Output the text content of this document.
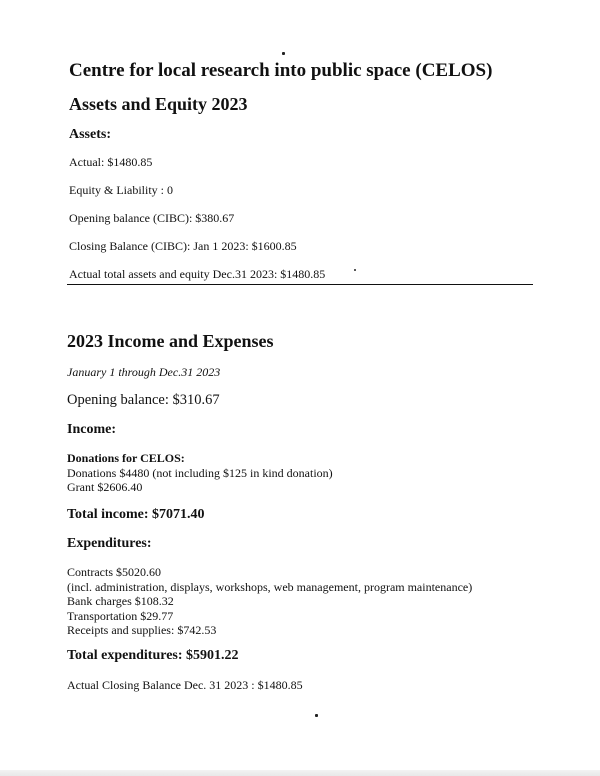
Centre for local research into public space (CELOS)
Assets and Equity 2023
Assets:
Actual: $1480.85
Equity & Liability : 0
Opening balance (CIBC): $380.67
Closing Balance (CIBC): Jan 1 2023: $1600.85
Actual total assets and equity Dec.31 2023: $1480.85
2023 Income and Expenses
January 1 through Dec.31 2023
Opening balance: $310.67
Income:
Donations for CELOS:
Donations $4480 (not including $125 in kind donation)
Grant $2606.40
Total income: $7071.40
Expenditures:
Contracts $5020.60
(incl. administration, displays, workshops, web management, program maintenance)
Bank charges $108.32
Transportation $29.77
Receipts and supplies: $742.53
Total expenditures: $5901.22
Actual Closing Balance Dec. 31 2023 : $1480.85
